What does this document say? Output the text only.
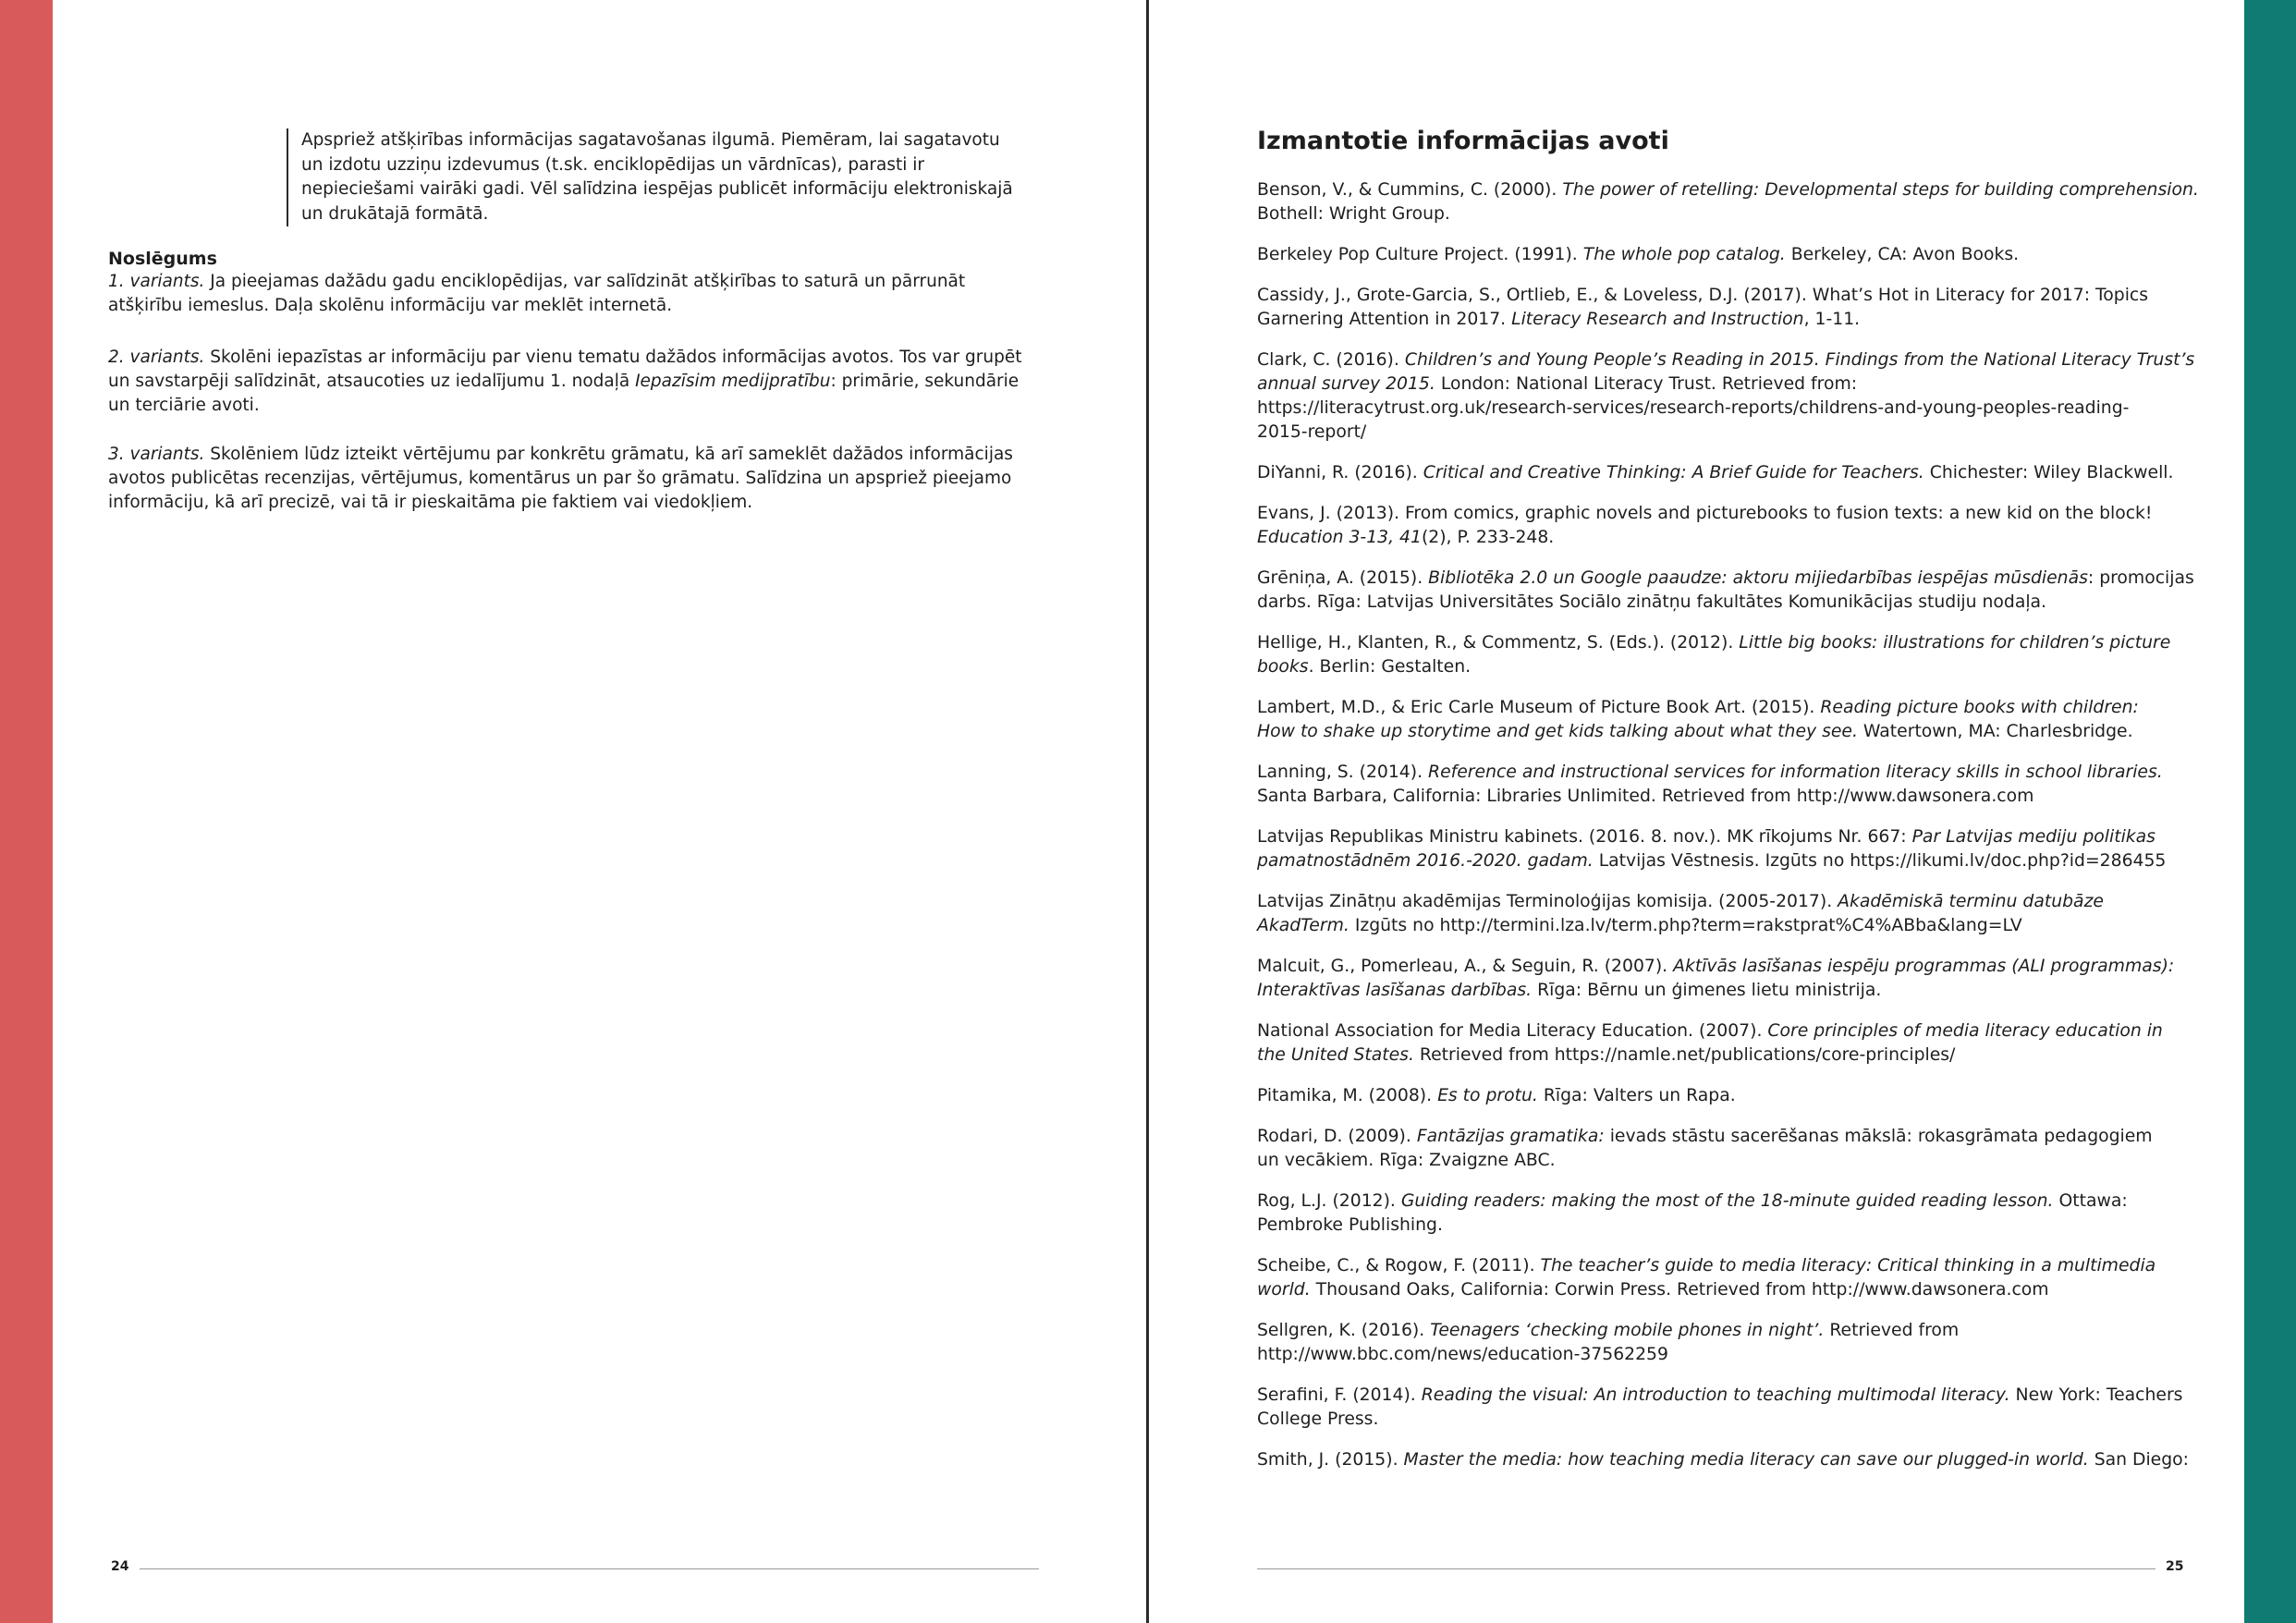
Apspriež atšķirības informācijas sagatavošanas ilgumā. Piemēram, lai sagatavotu
un izdotu uzziņu izdevumus (t.sk. enciklopēdijas un vārdnīcas), parasti ir
nepieciešami vairāki gadi. Vēl salīdzina iespējas publicēt informāciju elektroniskajā
un drukātajā formātā.
Noslēgums
1. variants. Ja pieejamas dažādu gadu enciklopēdijas, var salīdzināt atšķirības to saturā un pārrunāt
atšķirību iemeslus. Daļa skolēnu informāciju var meklēt internetā.
2. variants. Skolēni iepazīstas ar informāciju par vienu tematu dažādos informācijas avotos. Tos var grupēt
un savstarpēji salīdzināt, atsaucoties uz iedalījumu 1. nodaļā Iepazīsim medijpratību: primārie, sekundārie
un terciārie avoti.
3. variants. Skolēniem lūdz izteikt vērtējumu par konkrētu grāmatu, kā arī sameklēt dažādos informācijas
avotos publicētas recenzijas, vērtējumus, komentārus un par šo grāmatu. Salīdzina un apspriež pieejamo
informāciju, kā arī precizē, vai tā ir pieskaitāma pie faktiem vai viedokļiem.
24
Izmantotie informācijas avoti
Benson, V., & Cummins, C. (2000). The power of retelling: Developmental steps for building comprehension.
Bothell: Wright Group.
Berkeley Pop Culture Project. (1991). The whole pop catalog. Berkeley, CA: Avon Books.
Cassidy, J., Grote-Garcia, S., Ortlieb, E., & Loveless, D.J. (2017). What’s Hot in Literacy for 2017: Topics
Garnering Attention in 2017. Literacy Research and Instruction, 1-11.
Clark, C. (2016). Children’s and Young People’s Reading in 2015. Findings from the National Literacy Trust’s
annual survey 2015. London: National Literacy Trust. Retrieved from:
https://literacytrust.org.uk/research-services/research-reports/childrens-and-young-peoples-reading-
2015-report/
DiYanni, R. (2016). Critical and Creative Thinking: A Brief Guide for Teachers. Chichester: Wiley Blackwell.
Evans, J. (2013). From comics, graphic novels and picturebooks to fusion texts: a new kid on the block!
Education 3-13, 41(2), P. 233-248.
Grēniņa, A. (2015). Bibliotēka 2.0 un Google paaudze: aktoru mijiedarbības iespējas mūsdienās: promocijas
darbs. Rīga: Latvijas Universitātes Sociālo zinātņu fakultātes Komunikācijas studiju nodaļa.
Hellige, H., Klanten, R., & Commentz, S. (Eds.). (2012). Little big books: illustrations for children’s picture
books. Berlin: Gestalten.
Lambert, M.D., & Eric Carle Museum of Picture Book Art. (2015). Reading picture books with children:
How to shake up storytime and get kids talking about what they see. Watertown, MA: Charlesbridge.
Lanning, S. (2014). Reference and instructional services for information literacy skills in school libraries.
Santa Barbara, California: Libraries Unlimited. Retrieved from http://www.dawsonera.com
Latvijas Republikas Ministru kabinets. (2016. 8. nov.). MK rīkojums Nr. 667: Par Latvijas mediju politikas
pamatnostādnēm 2016.-2020. gadam. Latvijas Vēstnesis. Izgūts no https://likumi.lv/doc.php?id=286455
Latvijas Zinātņu akadēmijas Terminoloģijas komisija. (2005-2017). Akadēmiskā terminu datubāze
AkadTerm. Izgūts no http://termini.lza.lv/term.php?term=rakstprat%C4%ABba&lang=LV
Malcuit, G., Pomerleau, A., & Seguin, R. (2007). Aktīvās lasīšanas iespēju programmas (ALI programmas):
Interaktīvas lasīšanas darbības. Rīga: Bērnu un ģimenes lietu ministrija.
National Association for Media Literacy Education. (2007). Core principles of media literacy education in
the United States. Retrieved from https://namle.net/publications/core-principles/
Pitamika, M. (2008). Es to protu. Rīga: Valters un Rapa.
Rodari, D. (2009). Fantāzijas gramatika: ievads stāstu sacerēšanas mākslā: rokasgrāmata pedagogiem
un vecākiem. Rīga: Zvaigzne ABC.
Rog, L.J. (2012). Guiding readers: making the most of the 18-minute guided reading lesson. Ottawa:
Pembroke Publishing.
Scheibe, C., & Rogow, F. (2011). The teacher’s guide to media literacy: Critical thinking in a multimedia
world. Thousand Oaks, California: Corwin Press. Retrieved from http://www.dawsonera.com
Sellgren, K. (2016). Teenagers ‘checking mobile phones in night’. Retrieved from
http://www.bbc.com/news/education-37562259
Serafini, F. (2014). Reading the visual: An introduction to teaching multimodal literacy. New York: Teachers
College Press.
Smith, J. (2015). Master the media: how teaching media literacy can save our plugged-in world. San Diego:
25
